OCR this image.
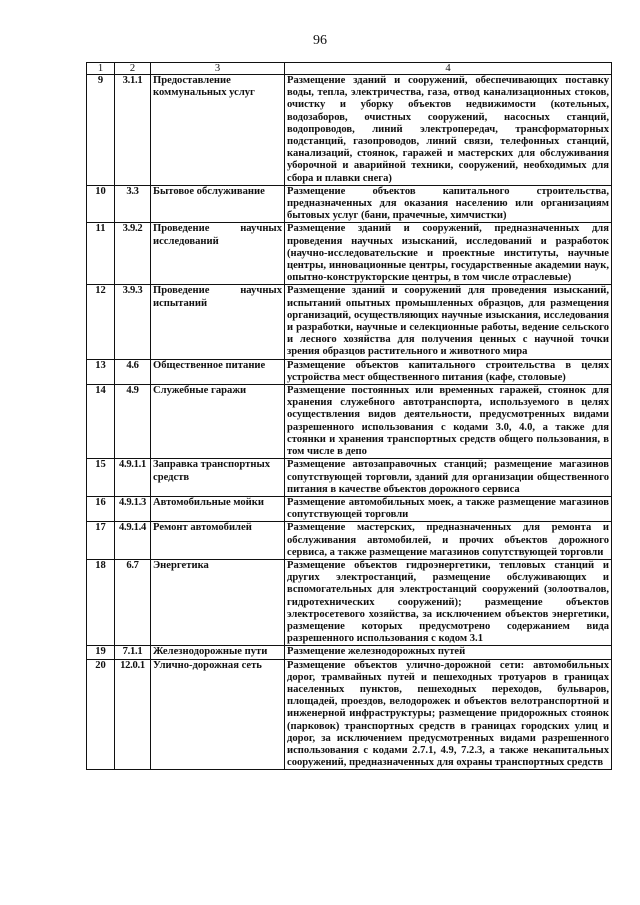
96
1	2	3	4
9	3.1.1	Предоставление коммунальных услуг	Размещение зданий и сооружений, обеспечивающих поставку воды, тепла, электричества, газа, отвод канализационных стоков, очистку и уборку объектов недвижимости (котельных, водозаборов, очистных сооружений, насосных станций, водопроводов, линий электропередач, трансформаторных подстанций, газопроводов, линий связи, телефонных станций, канализаций, стоянок, гаражей и мастерских для обслуживания уборочной и аварийной техники, сооружений, необходимых для сбора и плавки снега)
10	3.3	Бытовое обслуживание	Размещение объектов капитального строительства, предназначенных для оказания населению или организациям бытовых услуг (бани, прачечные, химчистки)
11	3.9.2	Проведение научных исследований	Размещение зданий и сооружений, предназначенных для проведения научных изысканий, исследований и разработок (научно-исследовательские и проектные институты, научные центры, инновационные центры, государственные академии наук, опытно-конструкторские центры, в том числе отраслевые)
12	3.9.3	Проведение научных испытаний	Размещение зданий и сооружений для проведения изысканий, испытаний опытных промышленных образцов, для размещения организаций, осуществляющих научные изыскания, исследования и разработки, научные и селекционные работы, ведение сельского и лесного хозяйства для получения ценных с научной точки зрения образцов растительного и животного мира
13	4.6	Общественное питание	Размещение объектов капитального строительства в целях устройства мест общественного питания (кафе, столовые)
14	4.9	Служебные гаражи	Размещение постоянных или временных гаражей, стоянок для хранения служебного автотранспорта, используемого в целях осуществления видов деятельности, предусмотренных видами разрешенного использования с кодами 3.0, 4.0, а также для стоянки и хранения транспортных средств общего пользования, в том числе в депо
15	4.9.1.1	Заправка транспортных средств	Размещение автозаправочных станций; размещение магазинов сопутствующей торговли, зданий для организации общественного питания в качестве объектов дорожного сервиса
16	4.9.1.3	Автомобильные мойки	Размещение автомобильных моек, а также размещение магазинов сопутствующей торговли
17	4.9.1.4	Ремонт автомобилей	Размещение мастерских, предназначенных для ремонта и обслуживания автомобилей, и прочих объектов дорожного сервиса, а также размещение магазинов сопутствующей торговли
18	6.7	Энергетика	Размещение объектов гидроэнергетики, тепловых станций и других электростанций, размещение обслуживающих и вспомогательных для электростанций сооружений (золоотвалов, гидротехнических сооружений); размещение объектов электросетевого хозяйства, за исключением объектов энергетики, размещение которых предусмотрено содержанием вида разрешенного использования с кодом 3.1
19	7.1.1	Железнодорожные пути	Размещение железнодорожных путей
20	12.0.1	Улично-дорожная сеть	Размещение объектов улично-дорожной сети: автомобильных дорог, трамвайных путей и пешеходных тротуаров в границах населенных пунктов, пешеходных переходов, бульваров, площадей, проездов, велодорожек и объектов велотранспортной и инженерной инфраструктуры; размещение придорожных стоянок (парковок) транспортных средств в границах городских улиц и дорог, за исключением предусмотренных видами разрешенного использования с кодами 2.7.1, 4.9, 7.2.3, а также некапитальных сооружений, предназначенных для охраны транспортных средств
